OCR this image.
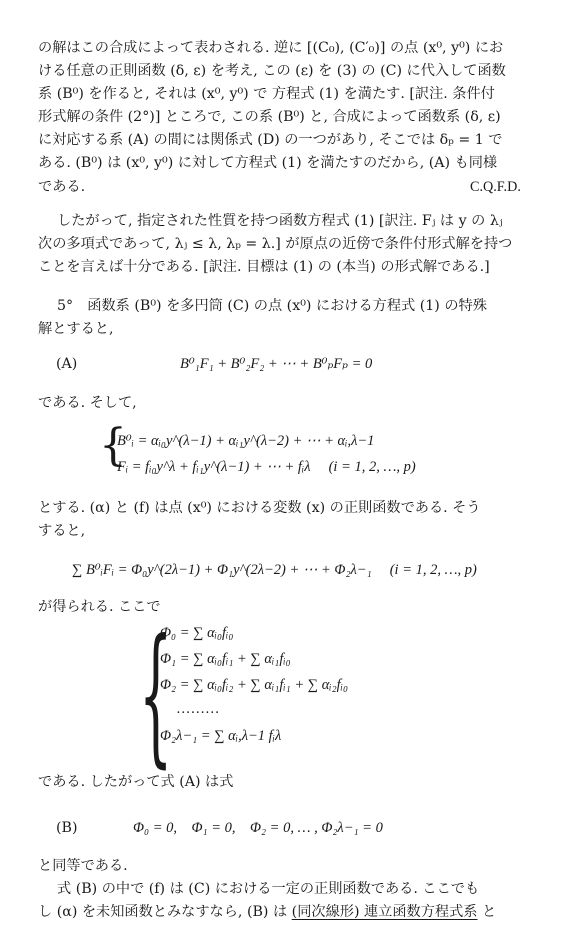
の解はこの合成によって表わされる. 逆に [(C₀), (C′₀)] の点 (x⁰, y⁰) にお
ける任意の正則函数 (δ, ε) を考え, この (ε) を (3) の (C) に代入して函数
系 (B⁰) を作ると, それは (x⁰, y⁰) で 方程式 (1) を満たす. [訳注. 条件付
形式解の条件 (2°)] ところで, この系 (B⁰) と, 合成によって函数系 (δ, ε)
に対応する系 (A) の間には関係式 (D) の一つがあり, そこでは δₚ = 1 で
ある. (B⁰) は (x⁰, y⁰) に対して方程式 (1) を満たすのだから, (A) も同様
である.	C.Q.F.D.
したがって, 指定された性質を持つ函数方程式 (1) [訳注. Fⱼ は y の λⱼ
次の多項式であって, λⱼ ≤ λ, λₚ = λ.] が原点の近傍で条件付形式解を持つ
ことを言えば十分である. [訳注. 目標は (1) の (本当) の形式解である.]
5°　函数系 (B⁰) を多円筒 (C) の点 (x⁰) における方程式 (1) の特殊
解とすると,
(A)	B⁰₁F₁ + B⁰₂F₂ + ⋯ + B⁰ₚFₚ = 0
である. そして,
{
B⁰ᵢ = αᵢ₀y^(λ−1) + αᵢ₁y^(λ−2) + ⋯ + αᵢ,λ−1
Fᵢ = fᵢ₀y^λ + fᵢ₁y^(λ−1) + ⋯ + fᵢλ　 (i = 1, 2, …, p)
とする. (α) と (f) は点 (x⁰) における変数 (x) の正則函数である. そう
すると,
∑ B⁰ᵢFᵢ = Φ₀y^(2λ−1) + Φ₁y^(2λ−2) + ⋯ + Φ₂λ−₁　 (i = 1, 2, …, p)
が得られる. ここで
{
Φ₀ = ∑ αᵢ₀fᵢ₀
Φ₁ = ∑ αᵢ₀fᵢ₁ + ∑ αᵢ₁fᵢ₀
Φ₂ = ∑ αᵢ₀fᵢ₂ + ∑ αᵢ₁fᵢ₁ + ∑ αᵢ₂fᵢ₀
………
Φ₂λ−₁ = ∑ αᵢ,λ−1 fᵢλ
である. したがって式 (A) は式
(B)	Φ₀ = 0,　Φ₁ = 0,　Φ₂ = 0, … , Φ₂λ−₁ = 0
と同等である.
式 (B) の中で (f) は (C) における一定の正則函数である. ここでも
し (α) を未知函数とみなすなら, (B) は (同次線形) 連立函数方程式系 と
